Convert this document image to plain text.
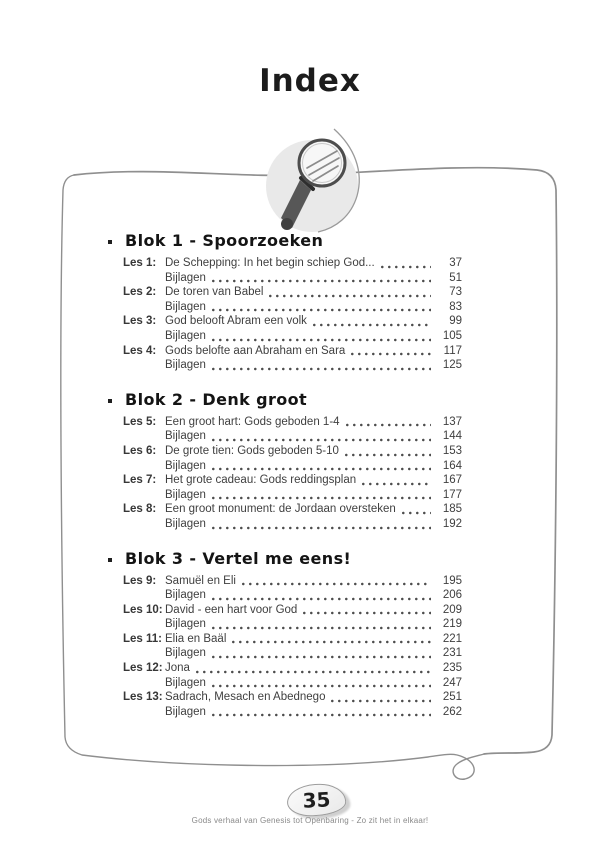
Index
Blok 1 - Spoorzoeken
Les 1: De Schepping: In het begin schiep God...	37
Bijlagen	51
Les 2: De toren van Babel	73
Bijlagen	83
Les 3: God belooft Abram een volk	99
Bijlagen	105
Les 4: Gods belofte aan Abraham en Sara	117
Bijlagen	125
Blok 2 - Denk groot
Les 5: Een groot hart: Gods geboden 1-4	137
Bijlagen	144
Les 6: De grote tien: Gods geboden 5-10	153
Bijlagen	164
Les 7: Het grote cadeau: Gods reddingsplan	167
Bijlagen	177
Les 8: Een groot monument: de Jordaan oversteken	185
Bijlagen	192
Blok 3 - Vertel me eens!
Les 9: Samuël en Eli	195
Bijlagen	206
Les 10: David - een hart voor God	209
Bijlagen	219
Les 11: Elia en Baäl	221
Bijlagen	231
Les 12: Jona	235
Bijlagen	247
Les 13: Sadrach, Mesach en Abednego	251
Bijlagen	262
35
Gods verhaal van Genesis tot Openbaring - Zo zit het in elkaar!
